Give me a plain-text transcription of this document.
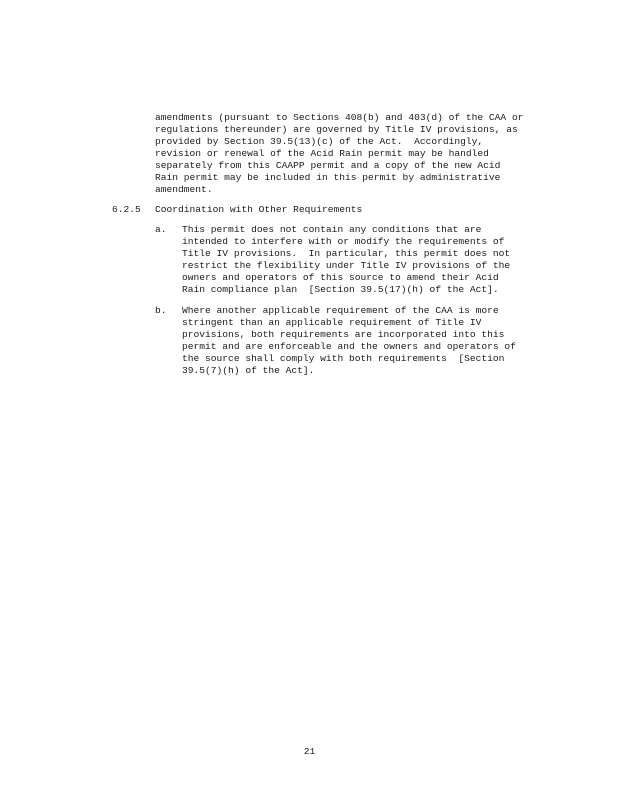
amendments (pursuant to Sections 408(b) and 403(d) of the CAA or
regulations thereunder) are governed by Title IV provisions, as
provided by Section 39.5(13)(c) of the Act.  Accordingly,
revision or renewal of the Acid Rain permit may be handled
separately from this CAAPP permit and a copy of the new Acid
Rain permit may be included in this permit by administrative
amendment.
6.2.5 Coordination with Other Requirements
a. This permit does not contain any conditions that are
intended to interfere with or modify the requirements of
Title IV provisions.  In particular, this permit does not
restrict the flexibility under Title IV provisions of the
owners and operators of this source to amend their Acid
Rain compliance plan  [Section 39.5(17)(h) of the Act].
b. Where another applicable requirement of the CAA is more
stringent than an applicable requirement of Title IV
provisions, both requirements are incorporated into this
permit and are enforceable and the owners and operators of
the source shall comply with both requirements  [Section
39.5(7)(h) of the Act].
21
